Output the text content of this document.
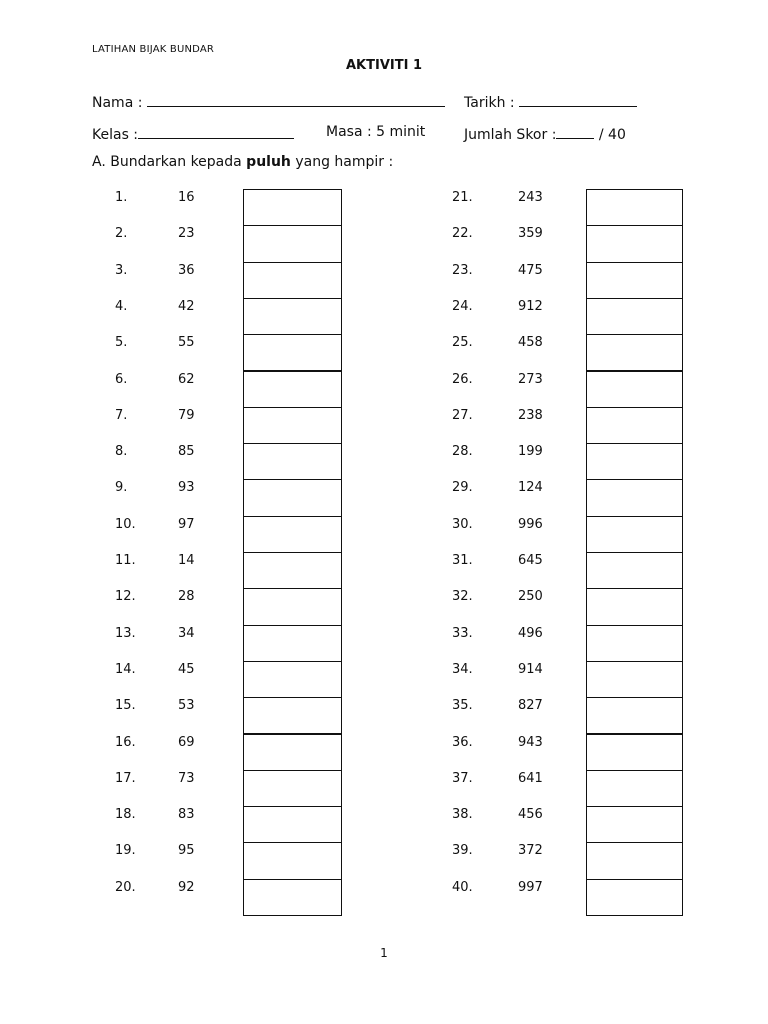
LATIHAN BIJAK BUNDAR
AKTIVITI 1
Nama :	Tarikh :
Kelas :	Masa : 5 minit	Jumlah Skor :	/ 40
A. Bundarkan kepada puluh yang hampir :
1.	16
2.	23
3.	36
4.	42
5.	55
6.	62
7.	79
8.	85
9.	93
10.	97
11.	14
12.	28
13.	34
14.	45
15.	53
16.	69
17.	73
18.	83
19.	95
20.	92
21.	243
22.	359
23.	475
24.	912
25.	458
26.	273
27.	238
28.	199
29.	124
30.	996
31.	645
32.	250
33.	496
34.	914
35.	827
36.	943
37.	641
38.	456
39.	372
40.	997
1
